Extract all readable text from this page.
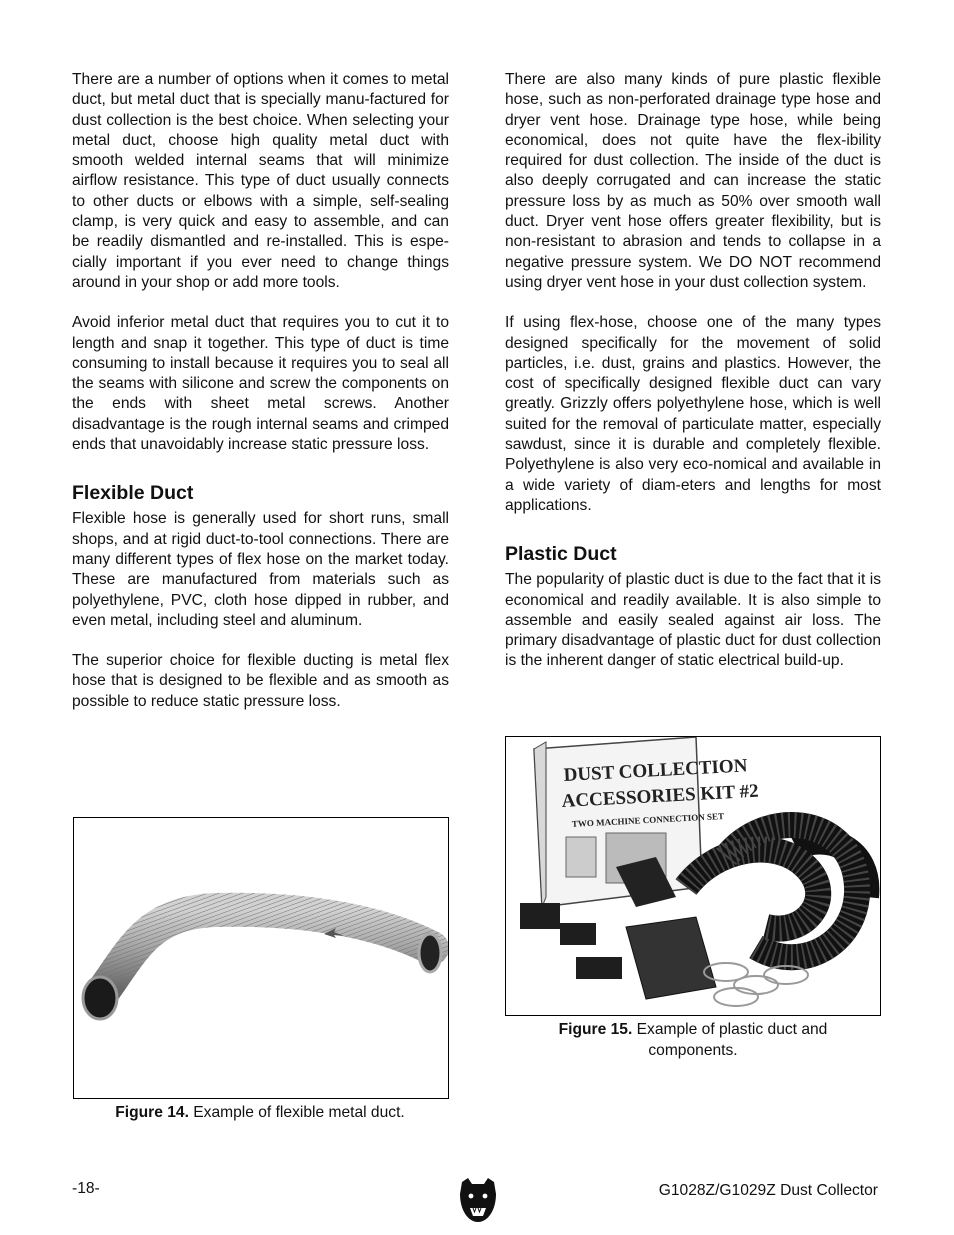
There are a number of options when it comes to metal duct, but metal duct that is specially manu-factured for dust collection is the best choice. When selecting your metal duct, choose high quality metal duct with smooth welded internal seams that will minimize airflow resistance. This type of duct usually connects to other ducts or elbows with a simple, self-sealing clamp, is very quick and easy to assemble, and can be readily dismantled and re-installed. This is espe-cially important if you ever need to change things around in your shop or add more tools.

Avoid inferior metal duct that requires you to cut it to length and snap it together. This type of duct is time consuming to install because it requires you to seal all the seams with silicone and screw the components on the ends with sheet metal screws. Another disadvantage is the rough internal seams and crimped ends that unavoidably increase static pressure loss.

Flexible Duct

Flexible hose is generally used for short runs, small shops, and at rigid duct-to-tool connections. There are many different types of flex hose on the market today. These are manufactured from materials such as polyethylene, PVC, cloth hose dipped in rubber, and even metal, including steel and aluminum.

The superior choice for flexible ducting is metal flex hose that is designed to be flexible and as smooth as possible to reduce static pressure loss.

Figure 14. Example of flexible metal duct.

There are also many kinds of pure plastic flexible hose, such as non-perforated drainage type hose and dryer vent hose. Drainage type hose, while being economical, does not quite have the flex-ibility required for dust collection. The inside of the duct is also deeply corrugated and can increase the static pressure loss by as much as 50% over smooth wall duct. Dryer vent hose offers greater flexibility, but is non-resistant to abrasion and tends to collapse in a negative pressure system. We DO NOT recommend using dryer vent hose in your dust collection system.

If using flex-hose, choose one of the many types designed specifically for the movement of solid particles, i.e. dust, grains and plastics. However, the cost of specifically designed flexible duct can vary greatly. Grizzly offers polyethylene hose, which is well suited for the removal of particulate matter, especially sawdust, since it is durable and completely flexible. Polyethylene is also very eco-nomical and available in a wide variety of diam-eters and lengths for most applications.

Plastic Duct

The popularity of plastic duct is due to the fact that it is economical and readily available. It is also simple to assemble and easily sealed against air loss. The primary disadvantage of plastic duct for dust collection is the inherent danger of static electrical build-up.

DUST COLLECTION
ACCESSORIES KIT #2
TWO MACHINE CONNECTION SET
Figure 15. Example of plastic duct and components.
-18-	G1028Z/G1029Z Dust Collector
